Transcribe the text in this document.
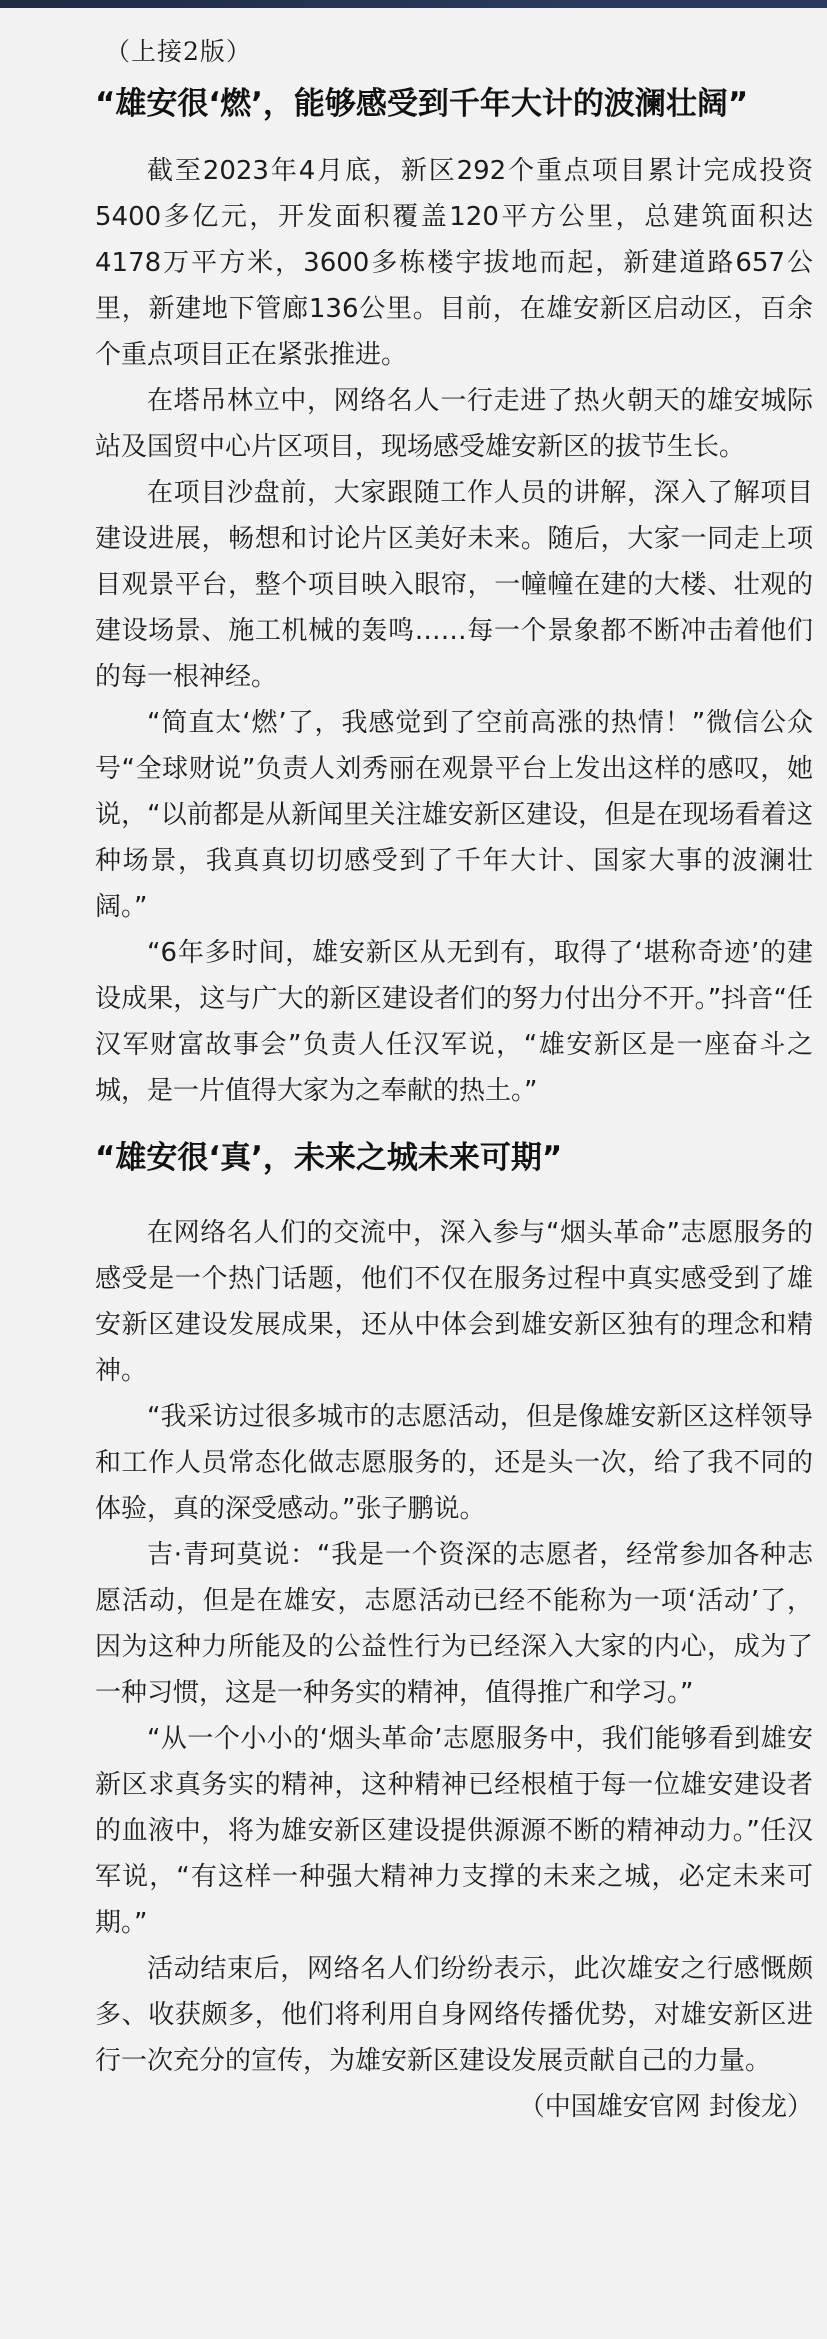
（上接2版）

“雄安很‘燃’，能够感受到千年大计的波澜壮阔”

截至2023年4月底，新区292个重点项目累计完成投资5400多亿元，开发面积覆盖120平方公里，总建筑面积达4178万平方米，3600多栋楼宇拔地而起，新建道路657公里，新建地下管廊136公里。目前，在雄安新区启动区，百余个重点项目正在紧张推进。

在塔吊林立中，网络名人一行走进了热火朝天的雄安城际站及国贸中心片区项目，现场感受雄安新区的拔节生长。

在项目沙盘前，大家跟随工作人员的讲解，深入了解项目建设进展，畅想和讨论片区美好未来。随后，大家一同走上项目观景平台，整个项目映入眼帘，一幢幢在建的大楼、壮观的建设场景、施工机械的轰鸣……每一个景象都不断冲击着他们的每一根神经。

“简直太‘燃’了，我感觉到了空前高涨的热情！”微信公众号“全球财说”负责人刘秀丽在观景平台上发出这样的感叹，她说，“以前都是从新闻里关注雄安新区建设，但是在现场看着这种场景，我真真切切感受到了千年大计、国家大事的波澜壮阔。”

“6年多时间，雄安新区从无到有，取得了‘堪称奇迹’的建设成果，这与广大的新区建设者们的努力付出分不开。”抖音“任汉军财富故事会”负责人任汉军说，“雄安新区是一座奋斗之城，是一片值得大家为之奉献的热土。”

“雄安很‘真’，未来之城未来可期”

在网络名人们的交流中，深入参与“烟头革命”志愿服务的感受是一个热门话题，他们不仅在服务过程中真实感受到了雄安新区建设发展成果，还从中体会到雄安新区独有的理念和精神。

“我采访过很多城市的志愿活动，但是像雄安新区这样领导和工作人员常态化做志愿服务的，还是头一次，给了我不同的体验，真的深受感动。”张子鹏说。

吉·青珂莫说：“我是一个资深的志愿者，经常参加各种志愿活动，但是在雄安，志愿活动已经不能称为一项‘活动’了，因为这种力所能及的公益性行为已经深入大家的内心，成为了一种习惯，这是一种务实的精神，值得推广和学习。”

“从一个小小的‘烟头革命’志愿服务中，我们能够看到雄安新区求真务实的精神，这种精神已经根植于每一位雄安建设者的血液中，将为雄安新区建设提供源源不断的精神动力。”任汉军说，“有这样一种强大精神力支撑的未来之城，必定未来可期。”

活动结束后，网络名人们纷纷表示，此次雄安之行感慨颇多、收获颇多，他们将利用自身网络传播优势，对雄安新区进行一次充分的宣传，为雄安新区建设发展贡献自己的力量。
（中国雄安官网 封俊龙）
